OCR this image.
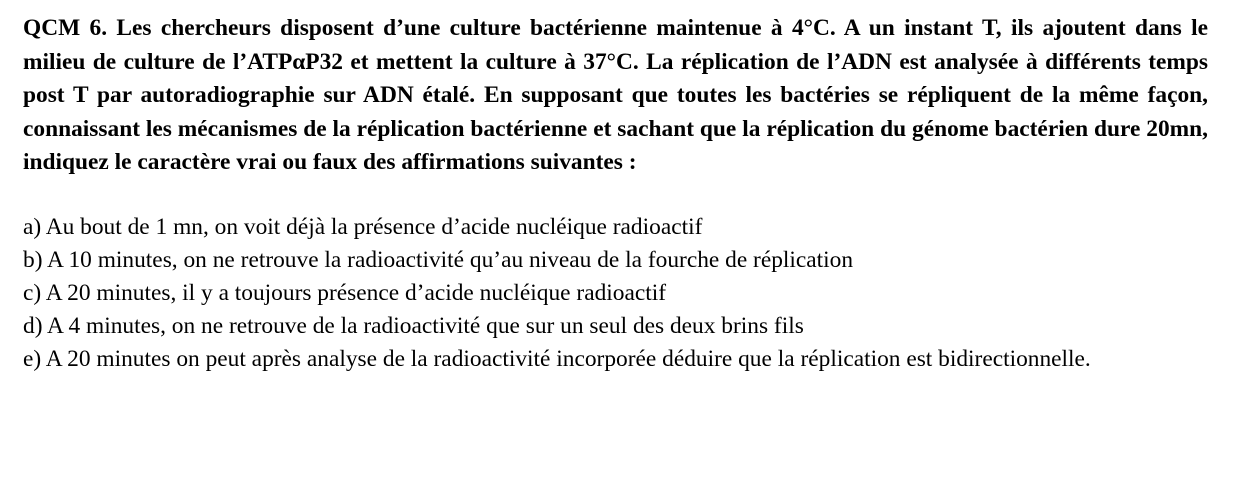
QCM 6. Les chercheurs disposent d’une culture bactérienne maintenue à 4°C. A un instant T, ils ajoutent dans le milieu de culture de l’ATPαP32 et mettent la culture à 37°C. La réplication de l’ADN est analysée à différents temps post T par autoradiographie sur ADN étalé. En supposant que toutes les bactéries se répliquent de la même façon, connaissant les mécanismes de la réplication bactérienne et sachant que la réplication du génome bactérien dure 20mn, indiquez le caractère vrai ou faux des affirmations suivantes :

a) Au bout de 1 mn, on voit déjà la présence d’acide nucléique radioactif
b) A 10 minutes, on ne retrouve la radioactivité qu’au niveau de la fourche de réplication
c) A 20 minutes, il y a toujours présence d’acide nucléique radioactif
d) A 4 minutes, on ne retrouve de la radioactivité que sur un seul des deux brins fils
e) A 20 minutes on peut après analyse de la radioactivité incorporée déduire que la réplication est bidirectionnelle.
